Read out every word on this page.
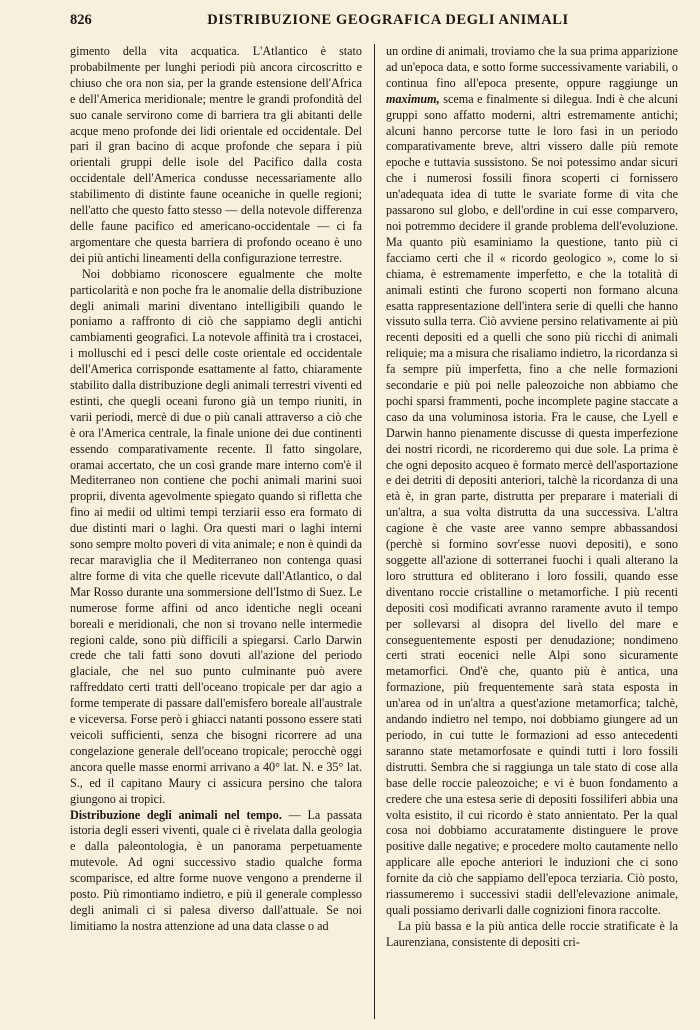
826	DISTRIBUZIONE GEOGRAFICA DEGLI ANIMALI

gimento della vita acquatica. L'Atlantico è stato probabilmente per lunghi periodi più ancora circoscritto e chiuso che ora non sia, per la grande estensione dell'Africa e dell'America meridionale; mentre le grandi profondità del suo canale servirono come di barriera tra gli abitanti delle acque meno profonde dei lidi orientale ed occidentale. Del pari il gran bacino di acque profonde che separa i più orientali gruppi delle isole del Pacifico dalla costa occidentale dell'America condusse necessariamente allo stabilimento di distinte faune oceaniche in quelle regioni; nell'atto che questo fatto stesso — della notevole differenza delle faune pacifico ed americano-occidentale — ci fa argomentare che questa barriera di profondo oceano è uno dei più antichi lineamenti della configurazione terrestre.

Noi dobbiamo riconoscere egualmente che molte particolarità e non poche fra le anomalie della distribuzione degli animali marini diventano intelligibili quando le poniamo a raffronto di ciò che sappiamo degli antichi cambiamenti geografici. La notevole affinità tra i crostacei, i molluschi ed i pesci delle coste orientale ed occidentale dell'America corrisponde esattamente al fatto, chiaramente stabilito dalla distribuzione degli animali terrestri viventi ed estinti, che quegli oceani furono già un tempo riuniti, in varii periodi, mercè di due o più canali attraverso a ciò che è ora l'America centrale, la finale unione dei due continenti essendo comparativamente recente. Il fatto singolare, oramai accertato, che un così grande mare interno com'è il Mediterraneo non contiene che pochi animali marini suoi proprii, diventa agevolmente spiegato quando si rifletta che fino ai medii od ultimi tempi terziarii esso era formato di due distinti mari o laghi. Ora questi mari o laghi interni sono sempre molto poveri di vita animale; e non è quindi da recar maraviglia che il Mediterraneo non contenga quasi altre forme di vita che quelle ricevute dall'Atlantico, o dal Mar Rosso durante una sommersione dell'Istmo di Suez. Le numerose forme affini od anco identiche negli oceani boreali e meridionali, che non si trovano nelle intermedie regioni calde, sono più difficili a spiegarsi. Carlo Darwin crede che tali fatti sono dovuti all'azione del periodo glaciale, che nel suo punto culminante può avere raffreddato certi tratti dell'oceano tropicale per dar agio a forme temperate di passare dall'emisfero boreale all'australe e viceversa. Forse però i ghiacci natanti possono essere stati veicoli sufficienti, senza che bisogni ricorrere ad una congelazione generale dell'oceano tropicale; perocchè oggi ancora quelle masse enormi arrivano a 40° lat. N. e 35° lat. S., ed il capitano Maury ci assicura persino che talora giungono ai tropici.

Distribuzione degli animali nel tempo. — La passata istoria degli esseri viventi, quale ci è rivelata dalla geologia e dalla paleontologia, è un panorama perpetuamente mutevole. Ad ogni successivo stadio qualche forma scomparisce, ed altre forme nuove vengono a prenderne il posto. Più rimontiamo indietro, e più il generale complesso degli animali ci si palesa diverso dall'attuale. Se noi limitiamo la nostra attenzione ad una data classe o ad

un ordine di animali, troviamo che la sua prima apparizione ad un'epoca data, e sotto forme successivamente variabili, o continua fino all'epoca presente, oppure raggiunge un maximum, scema e finalmente si dilegua. Indi è che alcuni gruppi sono affatto moderni, altri estremamente antichi; alcuni hanno percorse tutte le loro fasi in un periodo comparativamente breve, altri vissero dalle più remote epoche e tuttavia sussistono. Se noi potessimo andar sicuri che i numerosi fossili finora scoperti ci fornissero un'adequata idea di tutte le svariate forme di vita che passarono sul globo, e dell'ordine in cui esse comparvero, noi potremmo decidere il grande problema dell'evoluzione. Ma quanto più esaminiamo la questione, tanto più ci facciamo certi che il « ricordo geologico », come lo si chiama, è estremamente imperfetto, e che la totalità di animali estinti che furono scoperti non formano alcuna esatta rappresentazione dell'intera serie di quelli che hanno vissuto sulla terra. Ciò avviene persino relativamente ai più recenti depositi ed a quelli che sono più ricchi di animali reliquie; ma a misura che risaliamo indietro, la ricordanza si fa sempre più imperfetta, fino a che nelle formazioni secondarie e più poi nelle paleozoiche non abbiamo che pochi sparsi frammenti, poche incomplete pagine staccate a caso da una voluminosa istoria. Fra le cause, che Lyell e Darwin hanno pienamente discusse di questa imperfezione dei nostri ricordi, ne ricorderemo qui due sole. La prima è che ogni deposito acqueo è formato mercè dell'asportazione e dei detriti di depositi anteriori, talchè la ricordanza di una età è, in gran parte, distrutta per preparare i materiali di un'altra, a sua volta distrutta da una successiva. L'altra cagione è che vaste aree vanno sempre abbassandosi (perchè si formino sovr'esse nuovi depositi), e sono soggette all'azione di sotterranei fuochi i quali alterano la loro struttura ed obliterano i loro fossili, quando esse diventano roccie cristalline o metamorfiche. I più recenti depositi così modificati avranno raramente avuto il tempo per sollevarsi al disopra del livello del mare e conseguentemente esposti per denudazione; nondimeno certi strati eocenici nelle Alpi sono sicuramente metamorfici. Ond'è che, quanto più è antica, una formazione, più frequentemente sarà stata esposta in un'area od in un'altra a quest'azione metamorfica; talchè, andando indietro nel tempo, noi dobbiamo giungere ad un periodo, in cui tutte le formazioni ad esso antecedenti saranno state metamorfosate e quindi tutti i loro fossili distrutti. Sembra che si raggiunga un tale stato di cose alla base delle roccie paleozoiche; e vi è buon fondamento a credere che una estesa serie di depositi fossiliferi abbia una volta esistito, il cui ricordo è stato annientato. Per la qual cosa noi dobbiamo accuratamente distinguere le prove positive dalle negative; e procedere molto cautamente nello applicare alle epoche anteriori le induzioni che ci sono fornite da ciò che sappiamo dell'epoca terziaria. Ciò posto, riassumeremo i successivi stadii dell'elevazione animale, quali possiamo derivarli dalle cognizioni finora raccolte.

La più bassa e la più antica delle roccie stratificate è la Laurenziana, consistente di depositi cri-
